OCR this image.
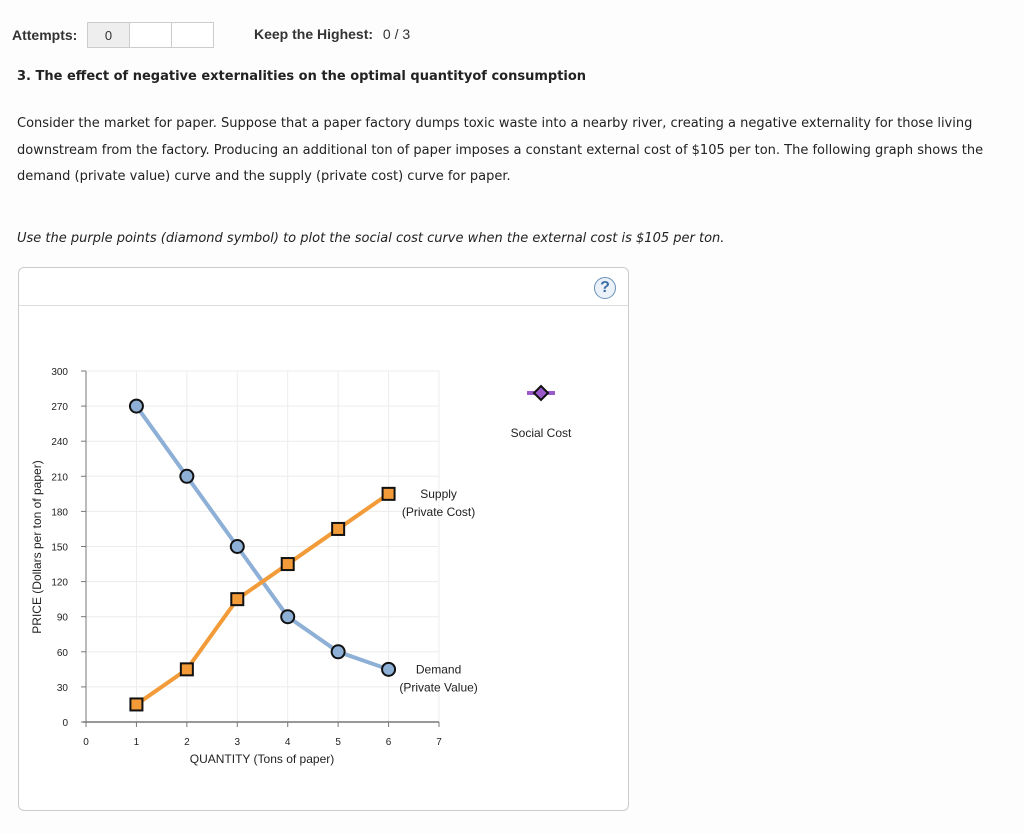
Attempts:	0	Keep the Highest: 0 / 3
3. The effect of negative externalities on the optimal quantityof consumption
Consider the market for paper. Suppose that a paper factory dumps toxic waste into a nearby river, creating a negative externality for those living downstream from the factory. Producing an additional ton of paper imposes a constant external cost of $105 per ton. The following graph shows the demand (private value) curve and the supply (private cost) curve for paper.
Use the purple points (diamond symbol) to plot the social cost curve when the external cost is $105 per ton.
?
0
30
60
90
120
150
180
210
240
270
300
0	1	2	3	4	5	6	7
PRICE (Dollars per ton of paper)
QUANTITY (Tons of paper)
Demand
(Private Value)
Supply
(Private Cost)
Social Cost
